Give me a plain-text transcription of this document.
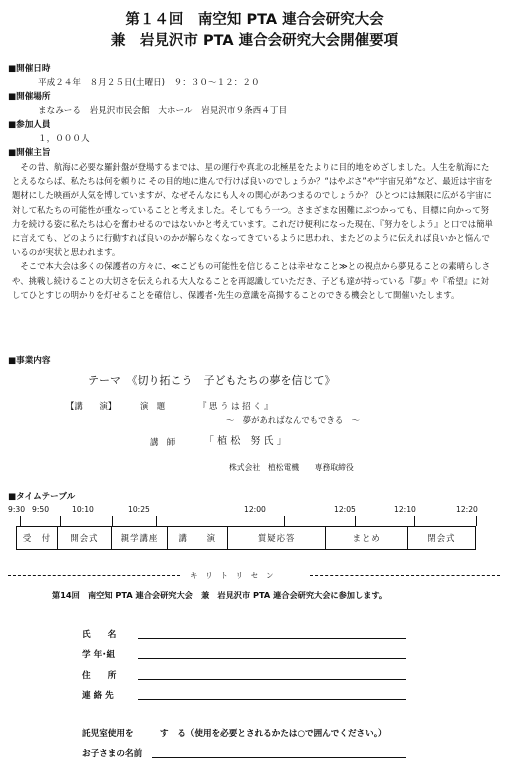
第１４回　南空知 PTA 連合会研究大会
兼　岩見沢市 PTA 連合会研究大会開催要項
■開催日時
平成２４年　８月２５日(土曜日)　９：３０～１２：２０
■開催場所
まなみーる　岩見沢市民会館　大ホール　岩見沢市９条西４丁目
■参加人員
１，０００人
■開催主旨

その昔、航海に必要な羅針盤が登場するまでは、星の運行や真北の北極星をたよりに目的地をめざしました。人生を航海にたとえるならば、私たちは何を頼りに その目的地に進んで行けば良いのでしょうか？“はやぶさ”や“宇宙兄弟”など、最近は宇宙を題材にした映画が人気を博していますが、なぜそんなにも人々の関心があつまるのでしょうか？ ひとつには無限に広がる宇宙に対して私たちの可能性が重なっていることと考えました。そしてもう一つ。さまざまな困難にぶつかっても、目標に向かって努力を続ける姿に私たちは心を奮わせるのではないかと考えています。これだけ便利になった現在、『努力をしよう』と口では簡単に言えても、どのように行動すれば良いのかが解らなくなってきているように思われ、またどのように伝えれば良いかと悩んでいるのが実状と思われます。

そこで本大会は多くの保護者の方々に、≪こどもの可能性を信じることは幸せなこと≫との視点から夢見ることの素晴らしさや、挑戦し続けることの大切さを伝えられる大人なることを再認識していただき、子ども達が持っている『夢』や『希望』に対してひとすじの明かりを灯せることを確信し、保護者･先生の意識を高揚することのできる機会として開催いたします。

■事業内容
テーマ　《切り拓こう　子どもたちの夢を信じて》
【講　　演】	演　題	『 思 う は 招 く 』
～　夢があればなんでもできる　～
講　師	「 植 松　努 氏 」
株式会社　植松電機　　専務取締役
■タイムテーブル
9:30 9:50	10:10	10:25	12:00	12:05	12:10	12:20
受　付	開会式	親学講座	講　　演	質疑応答	まとめ	閉会式
キ　リ　ト　リ　セ　ン
第14回　南空知 PTA 連合会研究大会　兼　岩見沢市 PTA 連合会研究大会に参加します。
氏　　名
学 年･組
住　　所
連 絡 先
託児室使用を	す　る（使用を必要とされるかたは○で囲んでください。）
お子さまの名前
